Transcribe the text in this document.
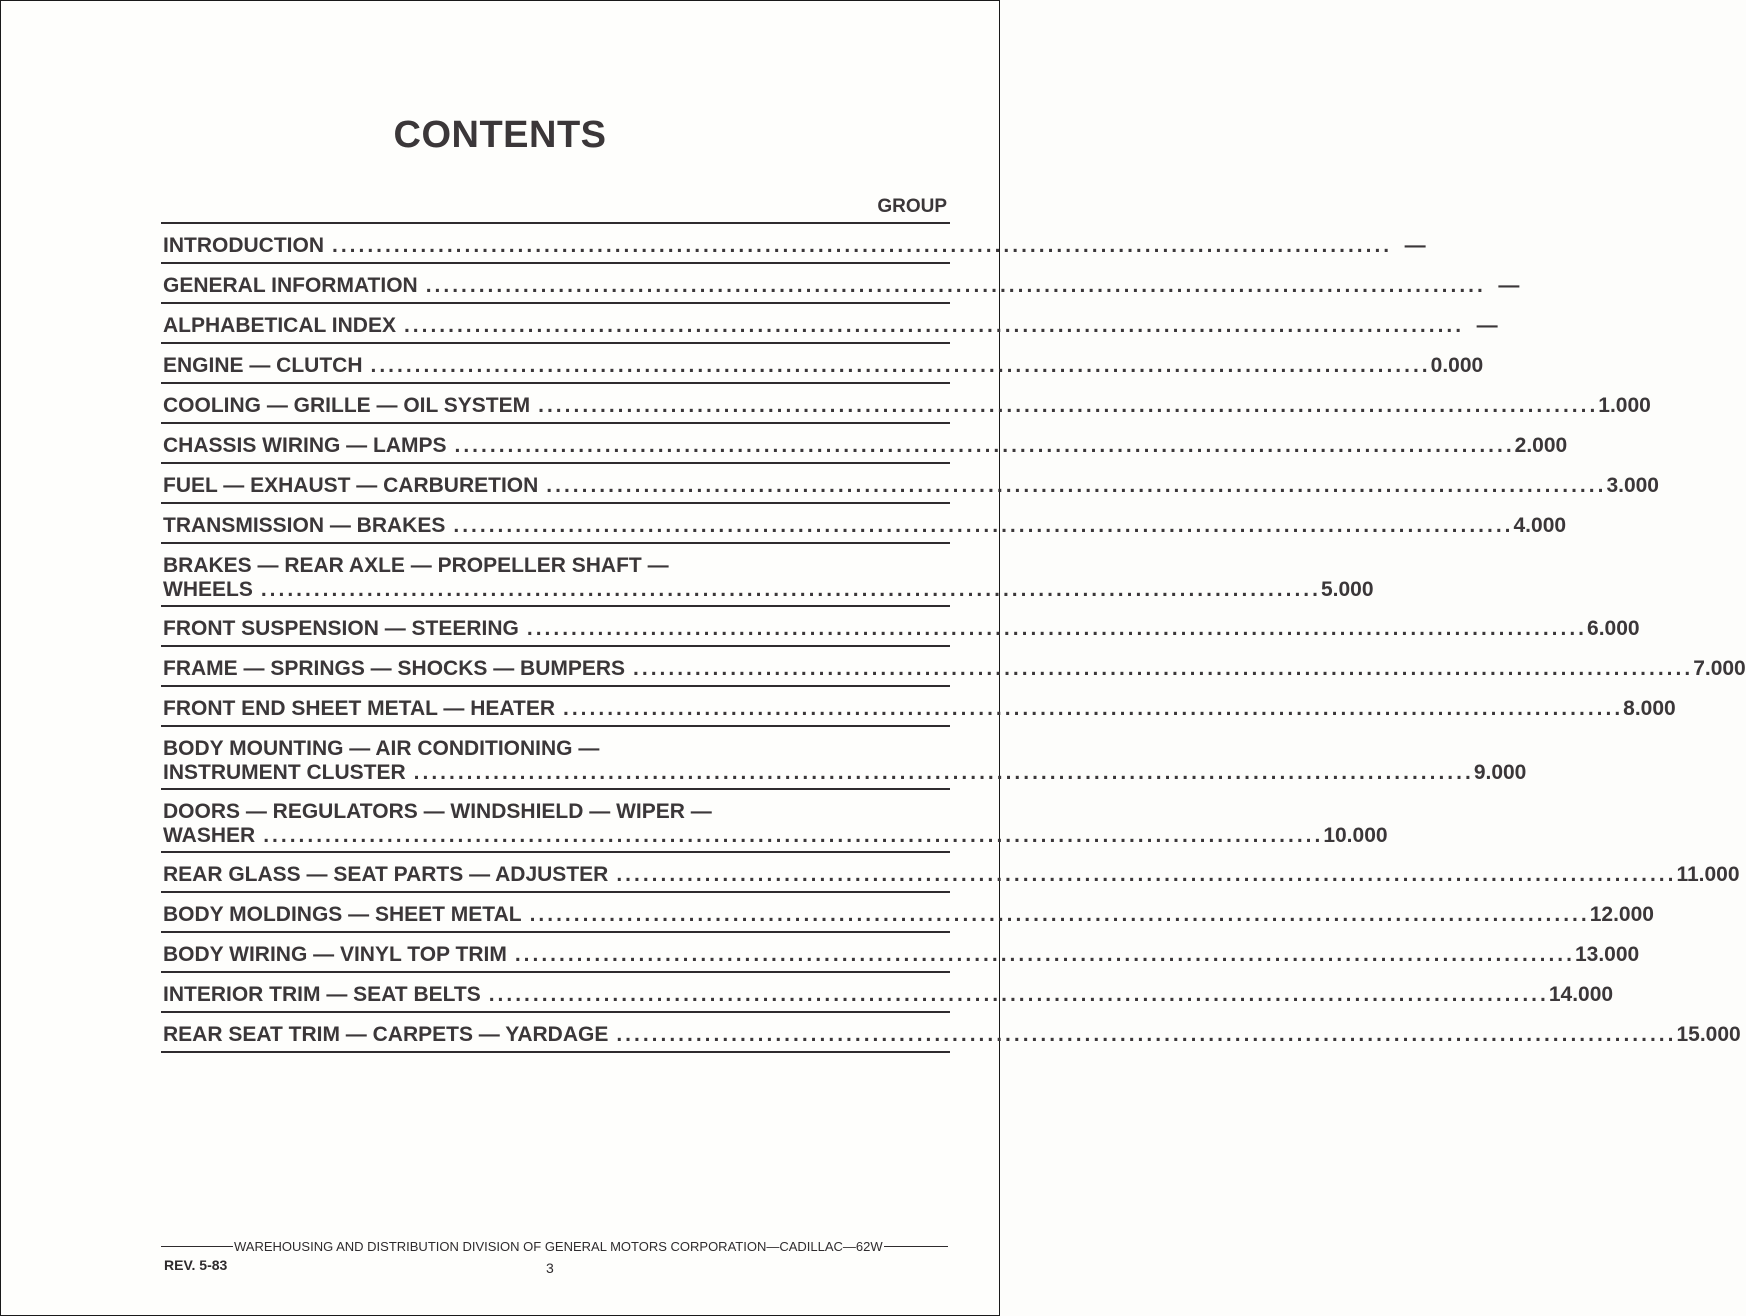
CONTENTS
GROUP
INTRODUCTION ........................................................................................................................ —
GENERAL INFORMATION ........................................................................................................................ —
ALPHABETICAL INDEX ........................................................................................................................ —
ENGINE — CLUTCH ........................................................................................................................ 0.000
COOLING — GRILLE — OIL SYSTEM ........................................................................................................................ 1.000
CHASSIS WIRING — LAMPS ........................................................................................................................ 2.000
FUEL — EXHAUST — CARBURETION ........................................................................................................................ 3.000
TRANSMISSION — BRAKES ........................................................................................................................ 4.000
BRAKES — REAR AXLE — PROPELLER SHAFT —
WHEELS ........................................................................................................................ 5.000
FRONT SUSPENSION — STEERING ........................................................................................................................ 6.000
FRAME — SPRINGS — SHOCKS — BUMPERS ........................................................................................................................ 7.000
FRONT END SHEET METAL — HEATER ........................................................................................................................ 8.000
BODY MOUNTING — AIR CONDITIONING —
INSTRUMENT CLUSTER ........................................................................................................................ 9.000
DOORS — REGULATORS — WINDSHIELD — WIPER —
WASHER ........................................................................................................................ 10.000
REAR GLASS — SEAT PARTS — ADJUSTER ........................................................................................................................ 11.000
BODY MOLDINGS — SHEET METAL ........................................................................................................................ 12.000
BODY WIRING — VINYL TOP TRIM ........................................................................................................................ 13.000
INTERIOR TRIM — SEAT BELTS ........................................................................................................................ 14.000
REAR SEAT TRIM — CARPETS — YARDAGE ........................................................................................................................ 15.000
WAREHOUSING AND DISTRIBUTION DIVISION OF GENERAL MOTORS CORPORATION—CADILLAC—62W
REV. 5-83	3
